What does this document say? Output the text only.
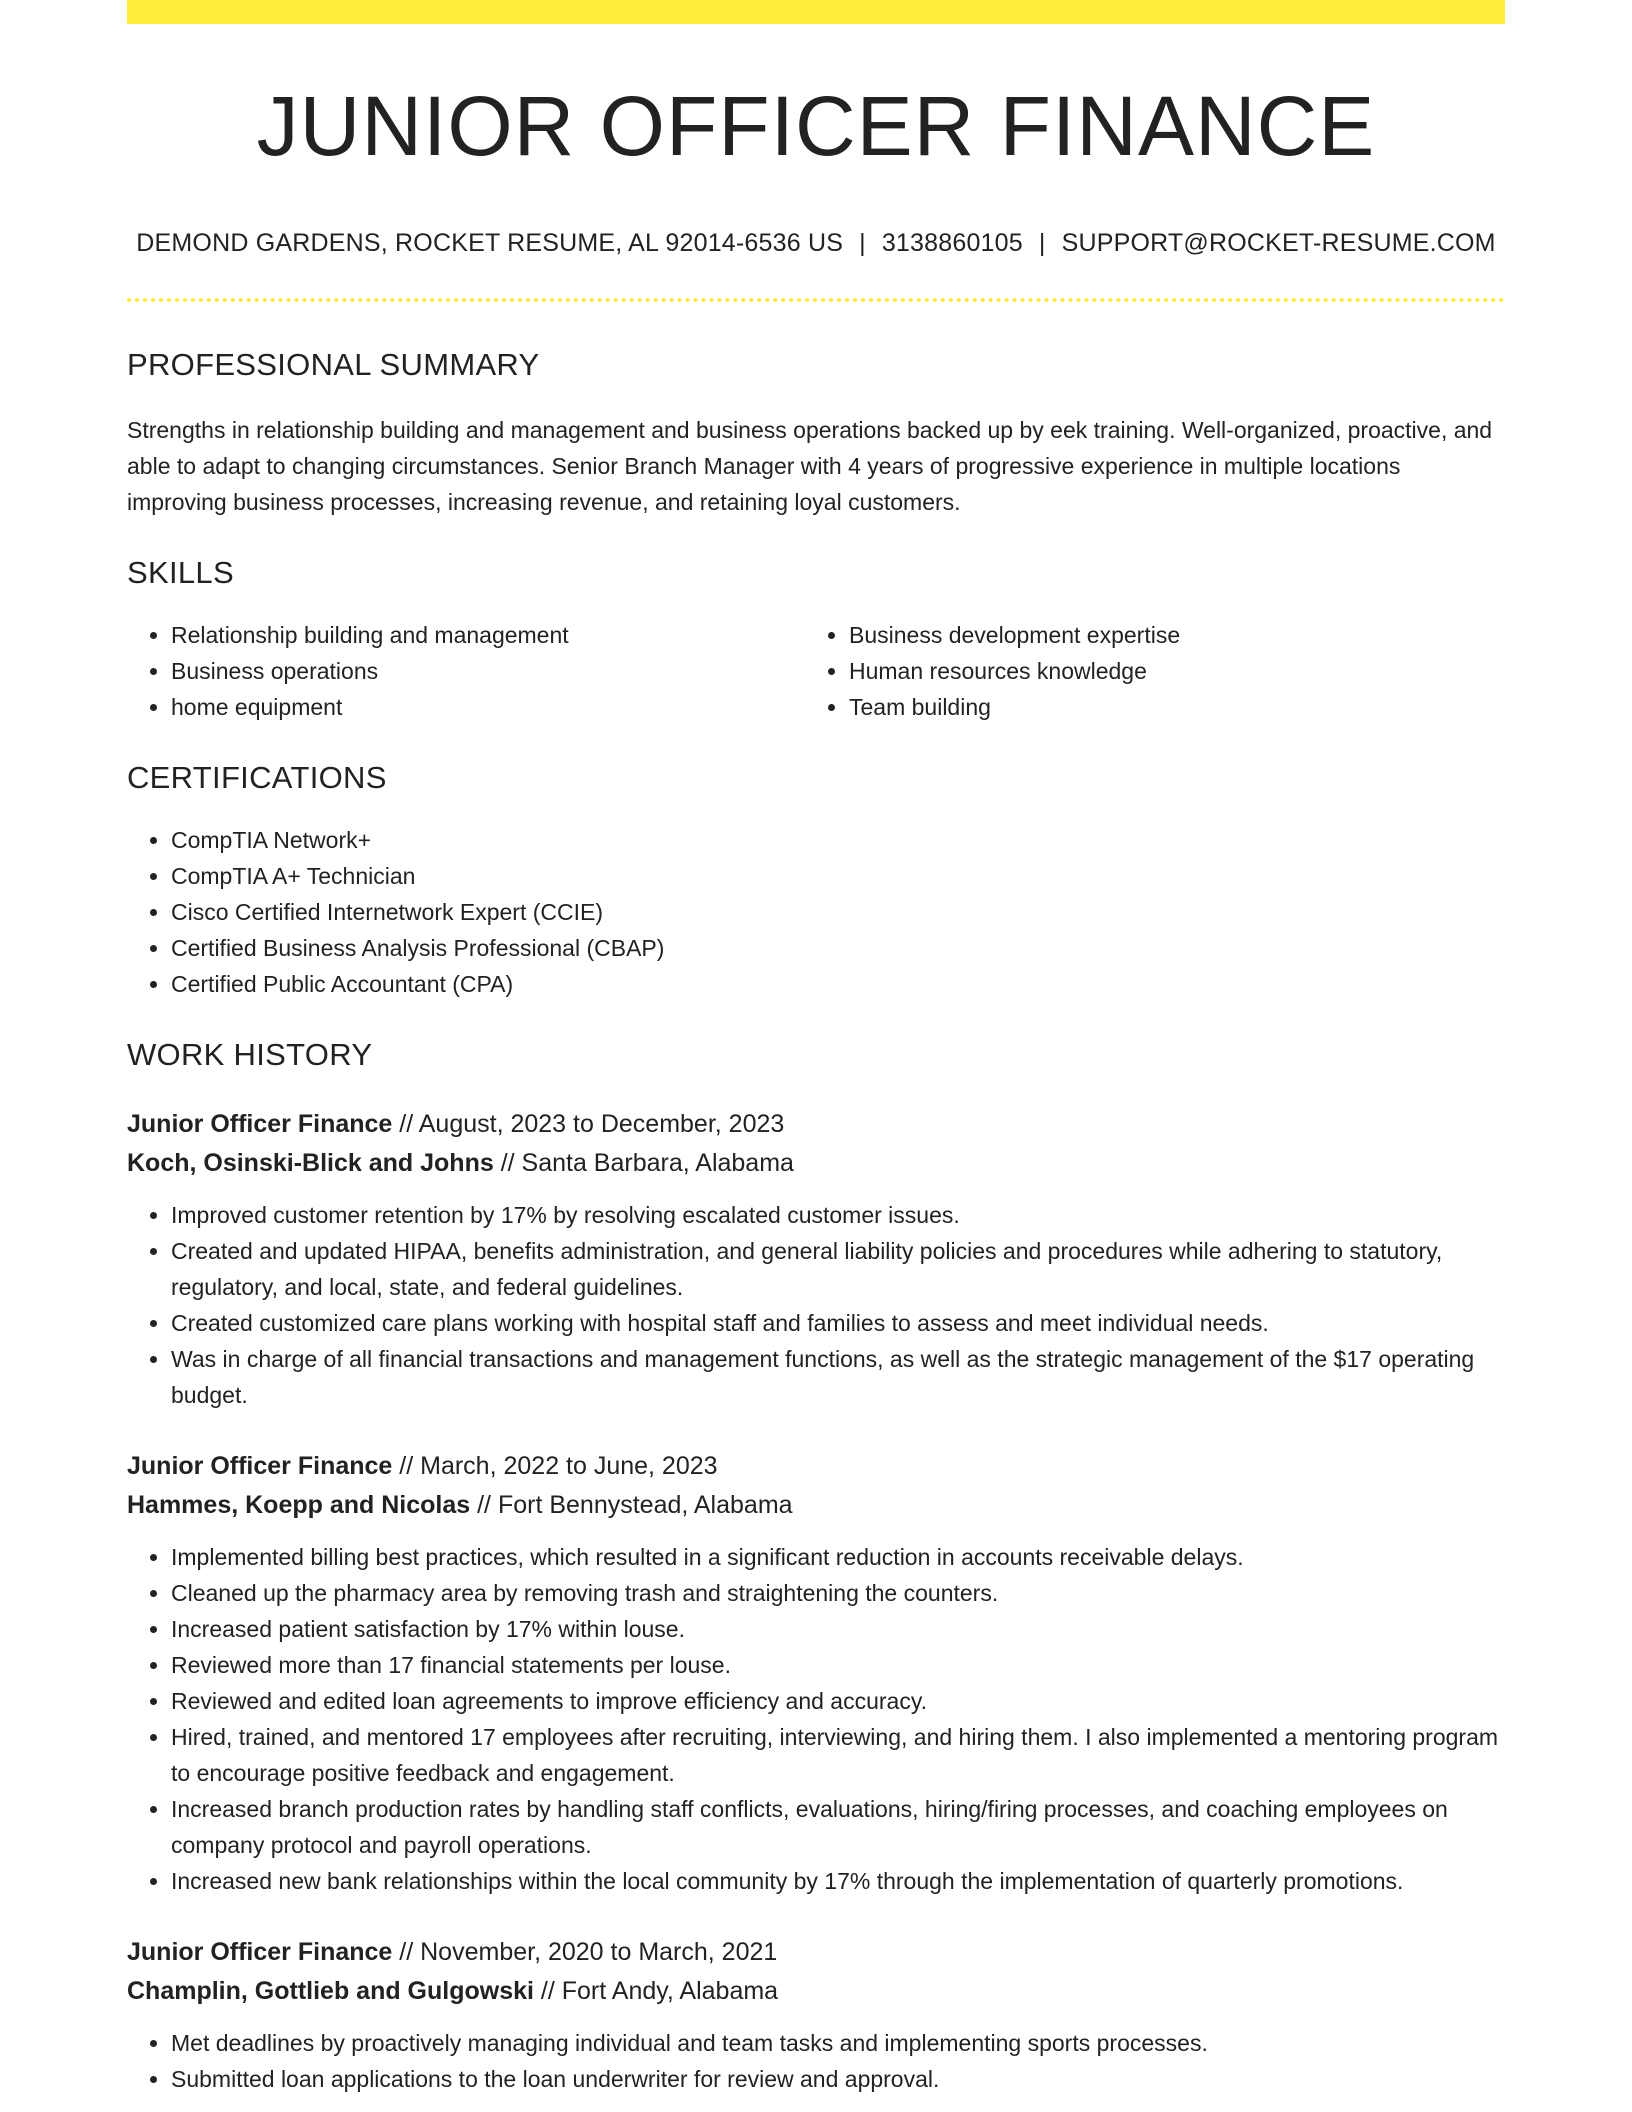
JUNIOR OFFICER FINANCE
DEMOND GARDENS, ROCKET RESUME, AL 92014-6536 US | 3138860105 | SUPPORT@ROCKET-RESUME.COM
PROFESSIONAL SUMMARY

Strengths in relationship building and management and business operations backed up by eek training. Well-organized, proactive, and able to adapt to changing circumstances. Senior Branch Manager with 4 years of progressive experience in multiple locations improving business processes, increasing revenue, and retaining loyal customers.

SKILLS
• Relationship building and management
• Business operations
• home equipment
• Business development expertise
• Human resources knowledge
• Team building
CERTIFICATIONS
• CompTIA Network+
• CompTIA A+ Technician
• Cisco Certified Internetwork Expert (CCIE)
• Certified Business Analysis Professional (CBAP)
• Certified Public Accountant (CPA)
WORK HISTORY
Junior Officer Finance // August, 2023 to December, 2023
Koch, Osinski-Blick and Johns // Santa Barbara, Alabama
• Improved customer retention by 17% by resolving escalated customer issues.
• Created and updated HIPAA, benefits administration, and general liability policies and procedures while adhering to statutory, regulatory, and local, state, and federal guidelines.
• Created customized care plans working with hospital staff and families to assess and meet individual needs.
• Was in charge of all financial transactions and management functions, as well as the strategic management of the $17 operating budget.
Junior Officer Finance // March, 2022 to June, 2023
Hammes, Koepp and Nicolas // Fort Bennystead, Alabama
• Implemented billing best practices, which resulted in a significant reduction in accounts receivable delays.
• Cleaned up the pharmacy area by removing trash and straightening the counters.
• Increased patient satisfaction by 17% within louse.
• Reviewed more than 17 financial statements per louse.
• Reviewed and edited loan agreements to improve efficiency and accuracy.
• Hired, trained, and mentored 17 employees after recruiting, interviewing, and hiring them. I also implemented a mentoring program to encourage positive feedback and engagement.
• Increased branch production rates by handling staff conflicts, evaluations, hiring/firing processes, and coaching employees on company protocol and payroll operations.
• Increased new bank relationships within the local community by 17% through the implementation of quarterly promotions.
Junior Officer Finance // November, 2020 to March, 2021
Champlin, Gottlieb and Gulgowski // Fort Andy, Alabama
• Met deadlines by proactively managing individual and team tasks and implementing sports processes.
• Submitted loan applications to the loan underwriter for review and approval.
